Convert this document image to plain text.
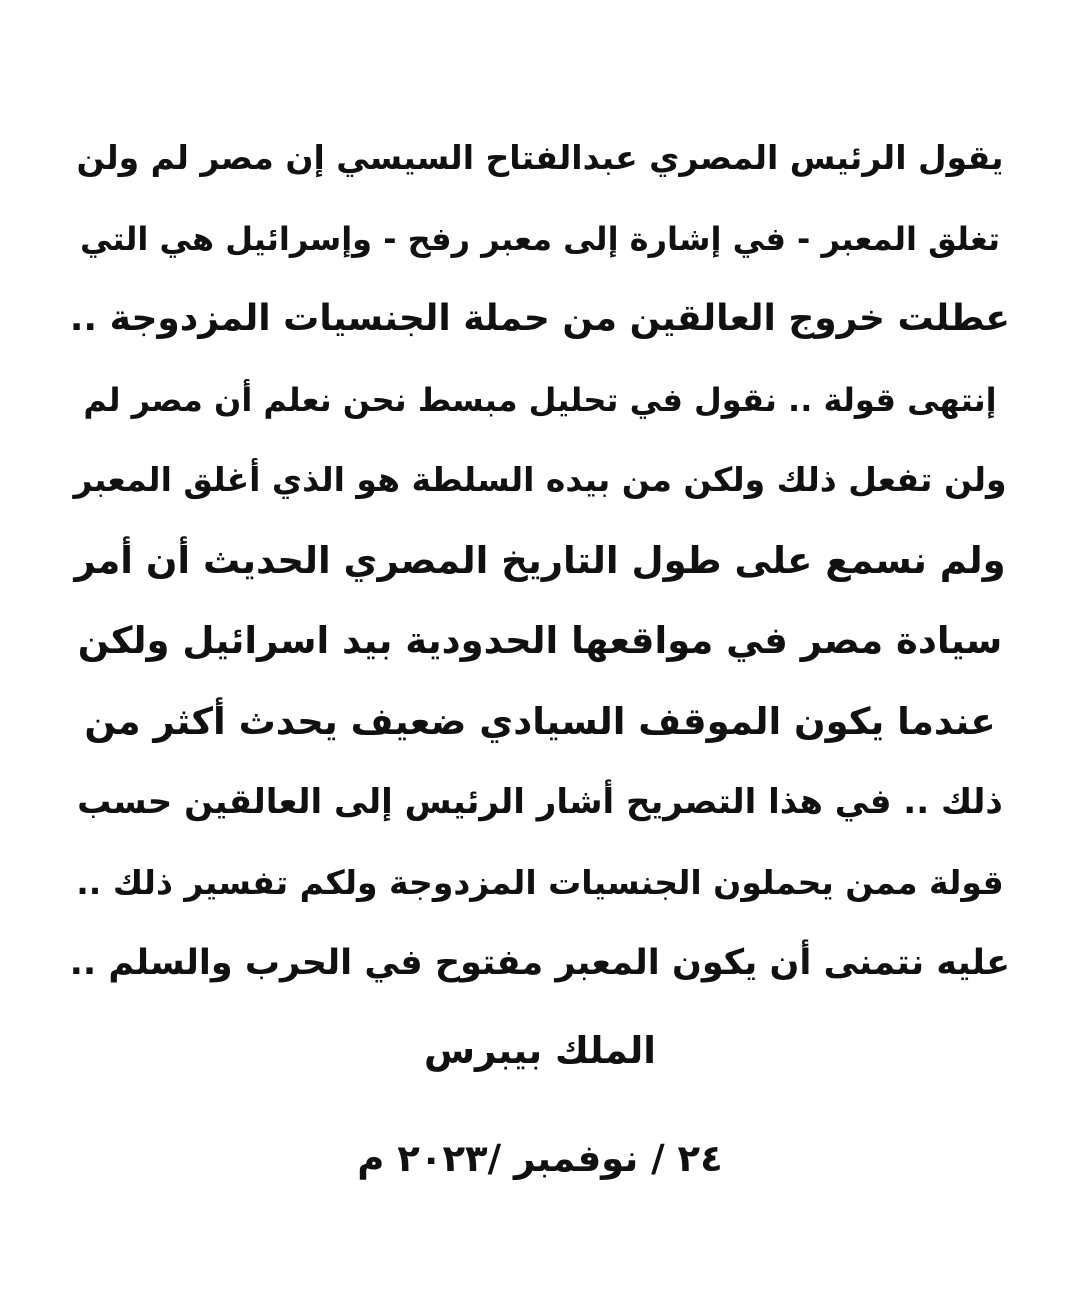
يقول الرئيس المصري عبدالفتاح السيسي إن مصر لم ولن
تغلق المعبر - في إشارة إلى معبر رفح - وإسرائيل هي التي
عطلت خروج العالقين من حملة الجنسيات المزدوجة ..
إنتهى قولة .. نقول في تحليل مبسط نحن نعلم أن مصر لم
ولن تفعل ذلك ولكن من بيده السلطة هو الذي أغلق المعبر
ولم نسمع على طول التاريخ المصري الحديث أن أمر
سيادة مصر في مواقعها الحدودية بيد اسرائيل ولكن
عندما يكون الموقف السيادي ضعيف يحدث أكثر من
ذلك .. في هذا التصريح أشار الرئيس إلى العالقين حسب
قولة ممن يحملون الجنسيات المزدوجة ولكم تفسير ذلك ..
عليه نتمنى أن يكون المعبر مفتوح في الحرب والسلم ..

الملك بيبرس

٢٤ / نوفمبر /٢٠٢٣ م
